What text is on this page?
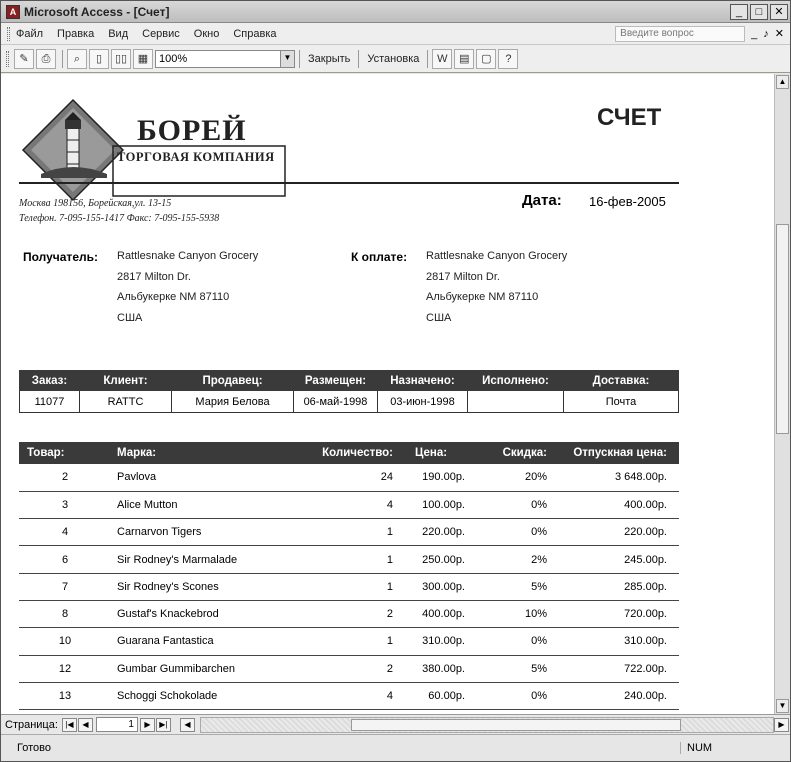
A Microsoft Access - [Счет]	_	□	✕
Файл Правка Вид Сервис Окно Справка	Введите вопрос	_ ♪ ✕
✎	⎙	⌕	▯	▯▯ ▦ 100%	▼	Закрыть	Установка	W	▤	▢	?
БОРЕЙ
ТОРГОВАЯ КОМПАНИЯ
СЧЕТ
Москва 198156, Борейская,ул. 13-15
Телефон. 7-095-155-1417 Факс: 7-095-155-5938
Дата: 16-фев-2005
Получатель: Rattlesnake Canyon Grocery
2817 Milton Dr.
Альбукерке NM 87110
США
К оплате: Rattlesnake Canyon Grocery
2817 Milton Dr.
Альбукерке NM 87110
США
Заказ:	Клиент:	Продавец:	Размещен:	Назначено:	Исполнено:	Доставка:
11077	RATTC	Мария Белова	06-май-1998	03-июн-1998		Почта
Товар:	Марка:	Количество:	Цена:	Скидка:	Отпускная цена:
2	Pavlova	24	190.00р.	20%	3 648.00р.
3	Alice Mutton	4	100.00р.	0%	400.00р.
4	Carnarvon Tigers	1	220.00р.	0%	220.00р.
6	Sir Rodney's Marmalade	1	250.00р.	2%	245.00р.
7	Sir Rodney's Scones	1	300.00р.	5%	285.00р.
8	Gustaf's Knackebrod	2	400.00р.	10%	720.00р.
10	Guarana Fantastica	1	310.00р.	0%	310.00р.
12	Gumbar Gummibarchen	2	380.00р.	5%	722.00р.
13	Schoggi Schokolade	4	60.00р.	0%	240.00р.
▲
▼
Страница: |◀	◀	1	▶	▶|	◀	▶
Готово	NUM
